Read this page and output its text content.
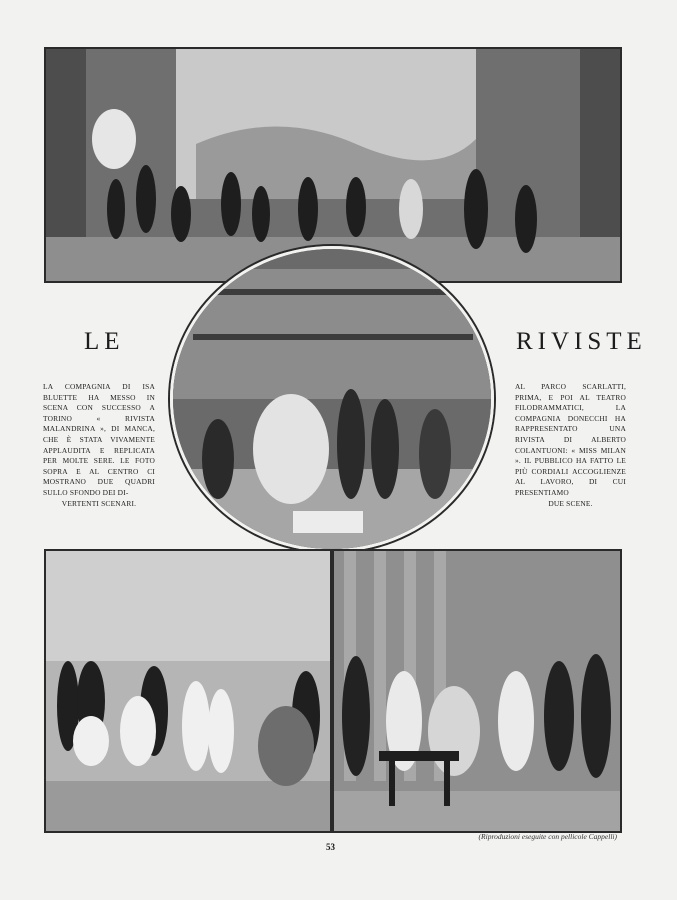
LE

LA COMPAGNIA DI ISA BLUETTE HA MESSO IN SCENA CON SUCCESSO A TORINO « RIVISTA MALANDRINA », DI MANCA, CHE È STATA VIVAMENTE APPLAUDITA E REPLICATA PER MOLTE SERE. LE FOTO SOPRA E AL CENTRO CI MOSTRANO DUE QUADRI SULLO SFONDO DEI DI-
VERTENTI SCENARI.

RIVISTE

AL PARCO SCARLATTI, PRIMA, E POI AL TEATRO FILODRAMMATICI, LA COMPAGNIA DONECCHI HA RAPPRESENTATO UNA RIVISTA DI ALBERTO COLANTUONI: « MISS MILAN ». IL PUBBLICO HA FATTO LE PIÙ CORDIALI ACCOGLIENZE AL LAVORO, DI CUI PRESENTIAMO
DUE SCENE.

(Riproduzioni eseguite con pellicole Cappelli)
53
